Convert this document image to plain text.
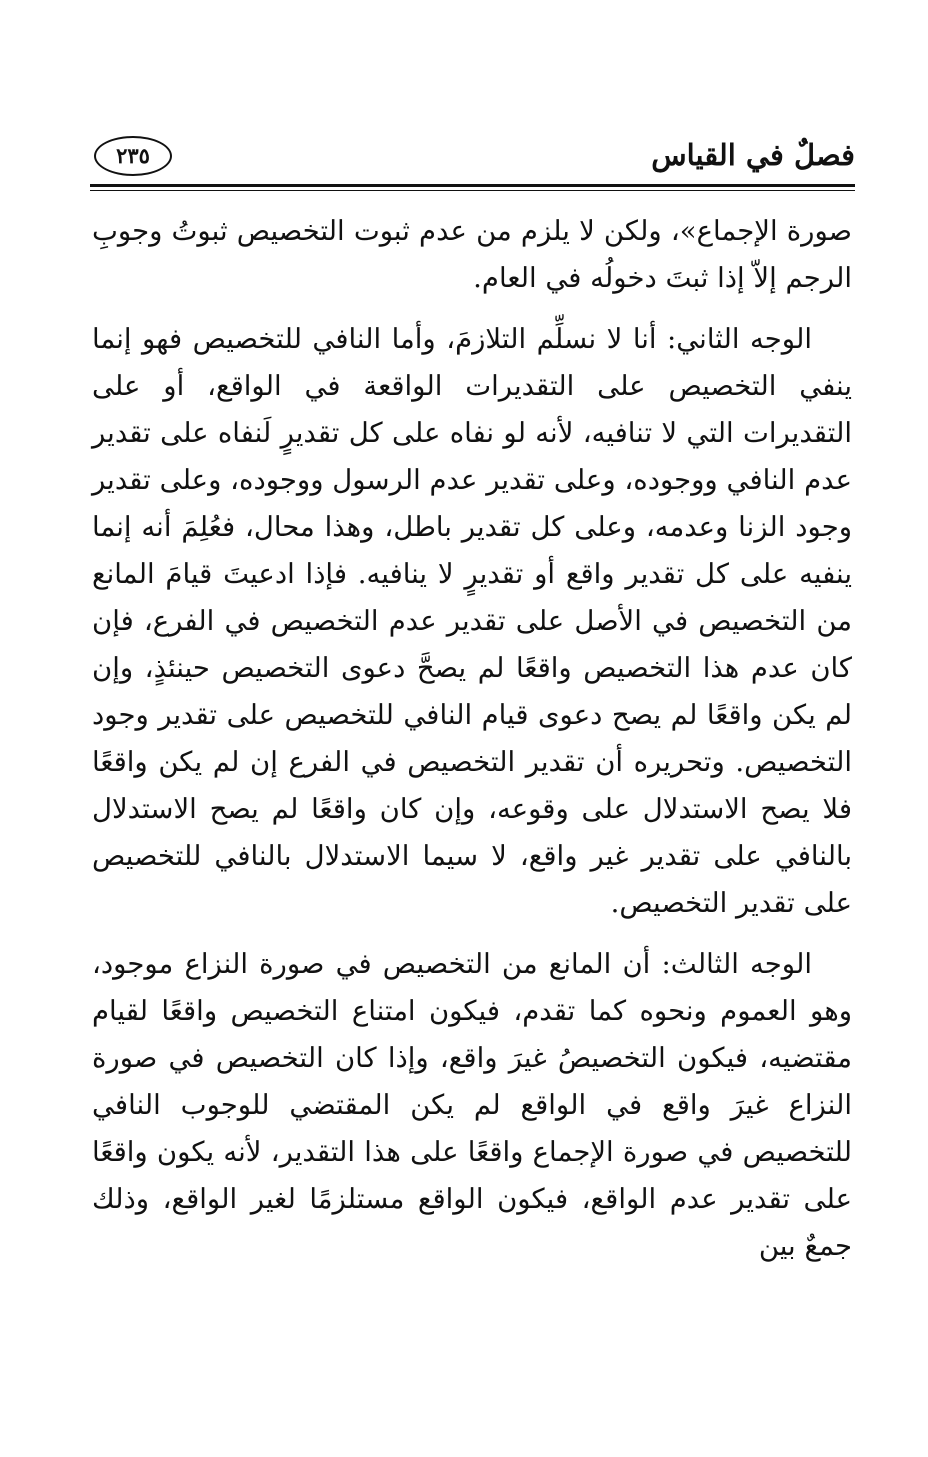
فصلٌ في القياس
٢٣٥

صورة الإجماع»، ولكن لا يلزم من عدم ثبوت التخصيص ثبوتُ وجوبِ الرجم إلاّ إذا ثبتَ دخولُه في العام.

الوجه الثاني: أنا لا نسلِّم التلازمَ، وأما النافي للتخصيص فهو إنما ينفي التخصيص على التقديرات الواقعة في الواقع، أو على التقديرات التي لا تنافيه، لأنه لو نفاه على كل تقديرٍ لَنفاه على تقدير عدم النافي ووجوده، وعلى تقدير عدم الرسول ووجوده، وعلى تقدير وجود الزنا وعدمه، وعلى كل تقدير باطل، وهذا محال، فعُلِمَ أنه إنما ينفيه على كل تقدير واقع أو تقديرٍ لا ينافيه. فإذا ادعيتَ قيامَ المانع من التخصيص في الأصل على تقدير عدم التخصيص في الفرع، فإن كان عدم هذا التخصيص واقعًا لم يصحَّ دعوى التخصيص حينئذٍ، وإن لم يكن واقعًا لم يصح دعوى قيام النافي للتخصيص على تقدير وجود التخصيص. وتحريره أن تقدير التخصيص في الفرع إن لم يكن واقعًا فلا يصح الاستدلال على وقوعه، وإن كان واقعًا لم يصح الاستدلال بالنافي على تقدير غير واقع، لا سيما الاستدلال بالنافي للتخصيص على تقدير التخصيص.

الوجه الثالث: أن المانع من التخصيص في صورة النزاع موجود، وهو العموم ونحوه كما تقدم، فيكون امتناع التخصيص واقعًا لقيام مقتضيه، فيكون التخصيصُ غيرَ واقع، وإذا كان التخصيص في صورة النزاع غيرَ واقع في الواقع لم يكن المقتضي للوجوب النافي للتخصيص في صورة الإجماع واقعًا على هذا التقدير، لأنه يكون واقعًا على تقدير عدم الواقع، فيكون الواقع مستلزمًا لغير الواقع، وذلك جمعٌ بين
